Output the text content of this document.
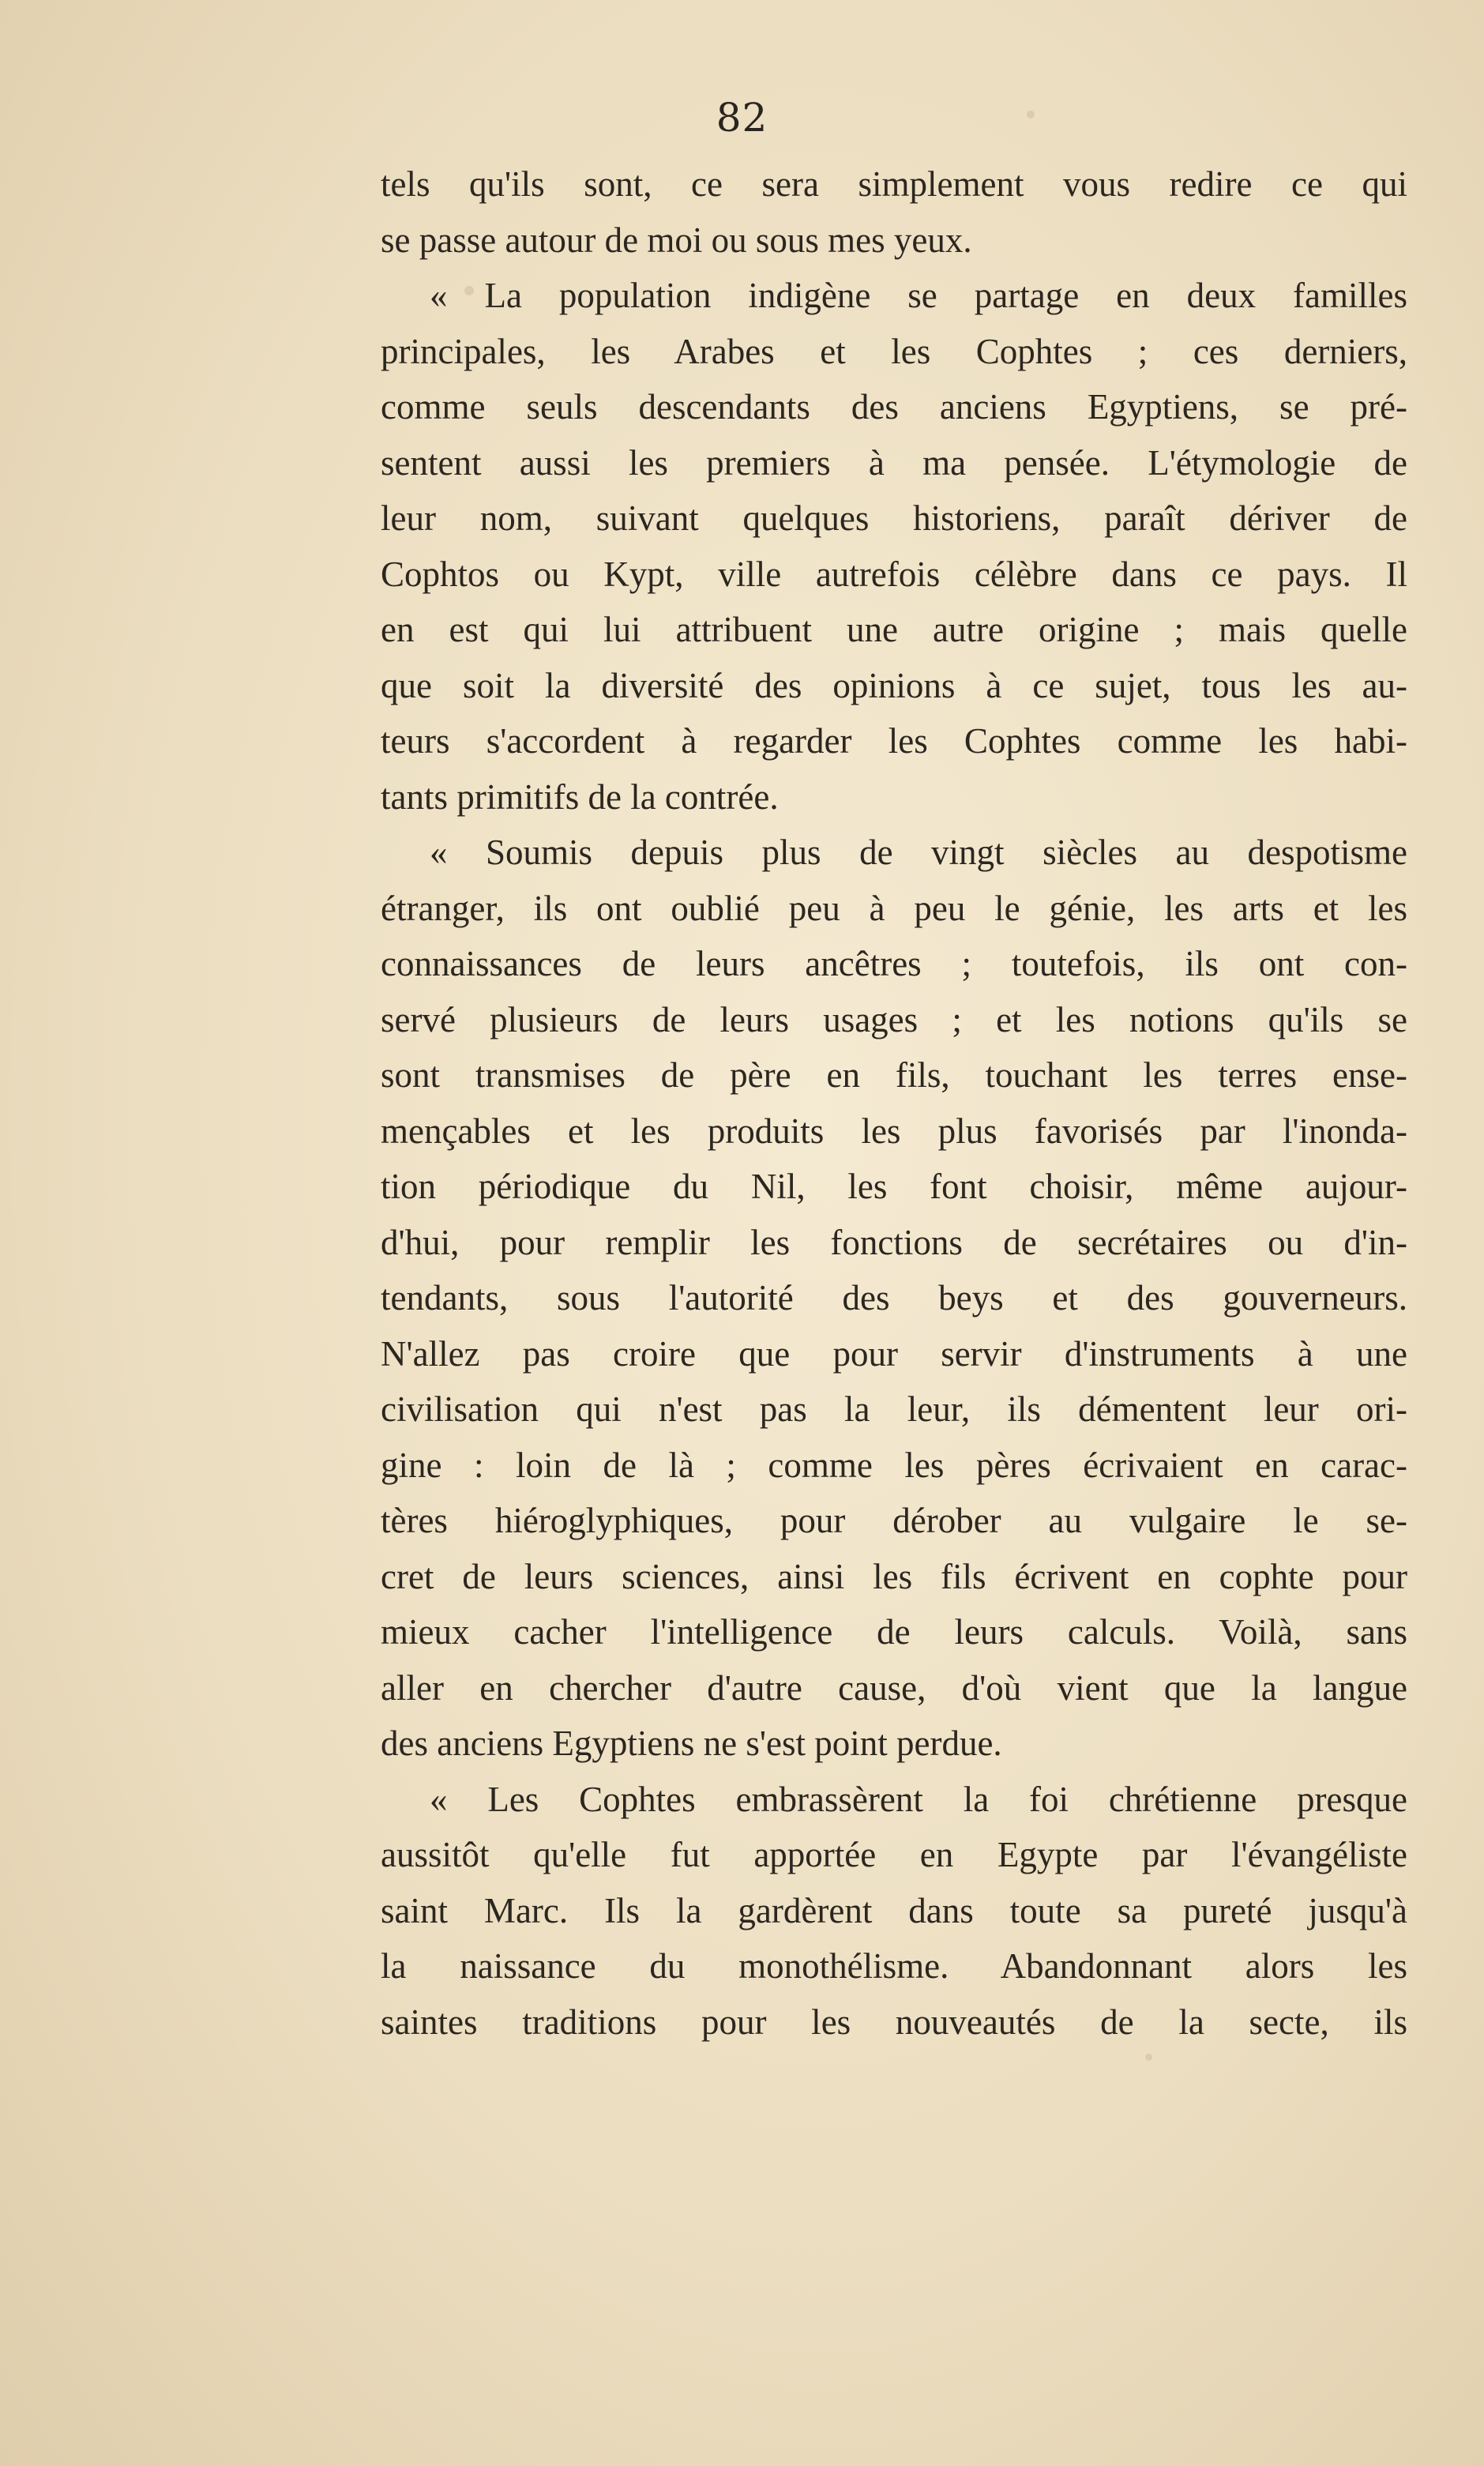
82
tels qu'ils sont, ce sera simplement vous redire ce qui
se passe autour de moi ou sous mes yeux.
« La population indigène se partage en deux familles
principales, les Arabes et les Cophtes ; ces derniers,
comme seuls descendants des anciens Egyptiens, se pré-
sentent aussi les premiers à ma pensée. L'étymologie de
leur nom, suivant quelques historiens, paraît dériver de
Cophtos ou Kypt, ville autrefois célèbre dans ce pays. Il
en est qui lui attribuent une autre origine ; mais quelle
que soit la diversité des opinions à ce sujet, tous les au-
teurs s'accordent à regarder les Cophtes comme les habi-
tants primitifs de la contrée.
« Soumis depuis plus de vingt siècles au despotisme
étranger, ils ont oublié peu à peu le génie, les arts et les
connaissances de leurs ancêtres ; toutefois, ils ont con-
servé plusieurs de leurs usages ; et les notions qu'ils se
sont transmises de père en fils, touchant les terres ense-
mençables et les produits les plus favorisés par l'inonda-
tion périodique du Nil, les font choisir, même aujour-
d'hui, pour remplir les fonctions de secrétaires ou d'in-
tendants, sous l'autorité des beys et des gouverneurs.
N'allez pas croire que pour servir d'instruments à une
civilisation qui n'est pas la leur, ils démentent leur ori-
gine : loin de là ; comme les pères écrivaient en carac-
tères hiéroglyphiques, pour dérober au vulgaire le se-
cret de leurs sciences, ainsi les fils écrivent en cophte pour
mieux cacher l'intelligence de leurs calculs. Voilà, sans
aller en chercher d'autre cause, d'où vient que la langue
des anciens Egyptiens ne s'est point perdue.
« Les Cophtes embrassèrent la foi chrétienne presque
aussitôt qu'elle fut apportée en Egypte par l'évangéliste
saint Marc. Ils la gardèrent dans toute sa pureté jusqu'à
la naissance du monothélisme. Abandonnant alors les
saintes traditions pour les nouveautés de la secte, ils
